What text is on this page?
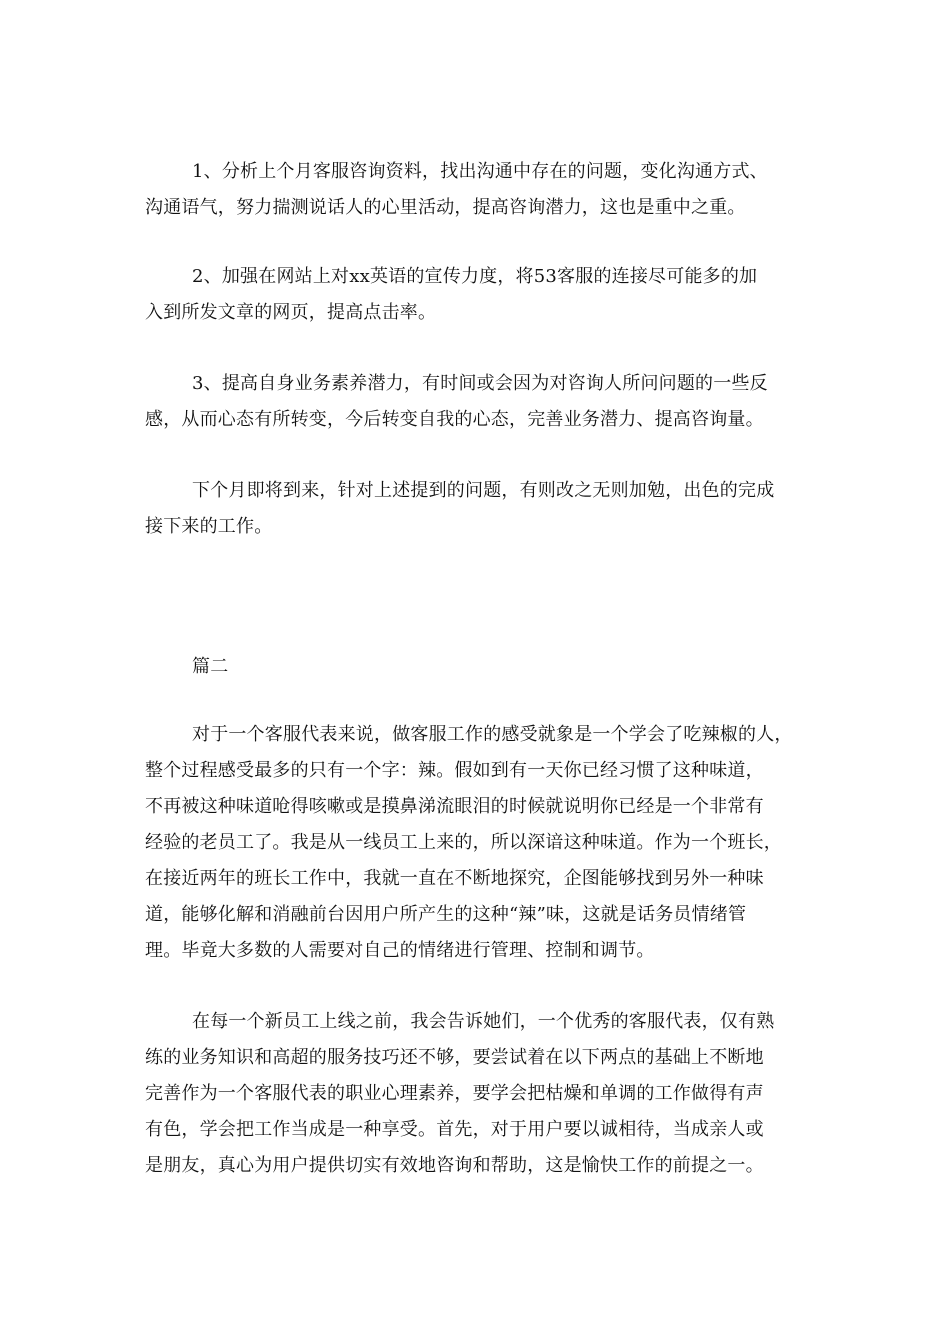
1、分析上个月客服咨询资料，找出沟通中存在的问题，变化沟通方式、
沟通语气，努力揣测说话人的心里活动，提高咨询潜力，这也是重中之重。
2、加强在网站上对xx英语的宣传力度，将53客服的连接尽可能多的加
入到所发文章的网页，提高点击率。
3、提高自身业务素养潜力，有时间或会因为对咨询人所问问题的一些反
感，从而心态有所转变，今后转变自我的心态，完善业务潜力、提高咨询量。
下个月即将到来，针对上述提到的问题，有则改之无则加勉，出色的完成
接下来的工作。
篇二
对于一个客服代表来说，做客服工作的感受就象是一个学会了吃辣椒的人，
整个过程感受最多的只有一个字：辣。假如到有一天你已经习惯了这种味道，
不再被这种味道呛得咳嗽或是摸鼻涕流眼泪的时候就说明你已经是一个非常有
经验的老员工了。我是从一线员工上来的，所以深谙这种味道。作为一个班长，
在接近两年的班长工作中，我就一直在不断地探究，企图能够找到另外一种味
道，能够化解和消融前台因用户所产生的这种“辣”味，这就是话务员情绪管
理。毕竟大多数的人需要对自己的情绪进行管理、控制和调节。
在每一个新员工上线之前，我会告诉她们，一个优秀的客服代表，仅有熟
练的业务知识和高超的服务技巧还不够，要尝试着在以下两点的基础上不断地
完善作为一个客服代表的职业心理素养，要学会把枯燥和单调的工作做得有声
有色，学会把工作当成是一种享受。首先，对于用户要以诚相待，当成亲人或
是朋友，真心为用户提供切实有效地咨询和帮助，这是愉快工作的前提之一。
